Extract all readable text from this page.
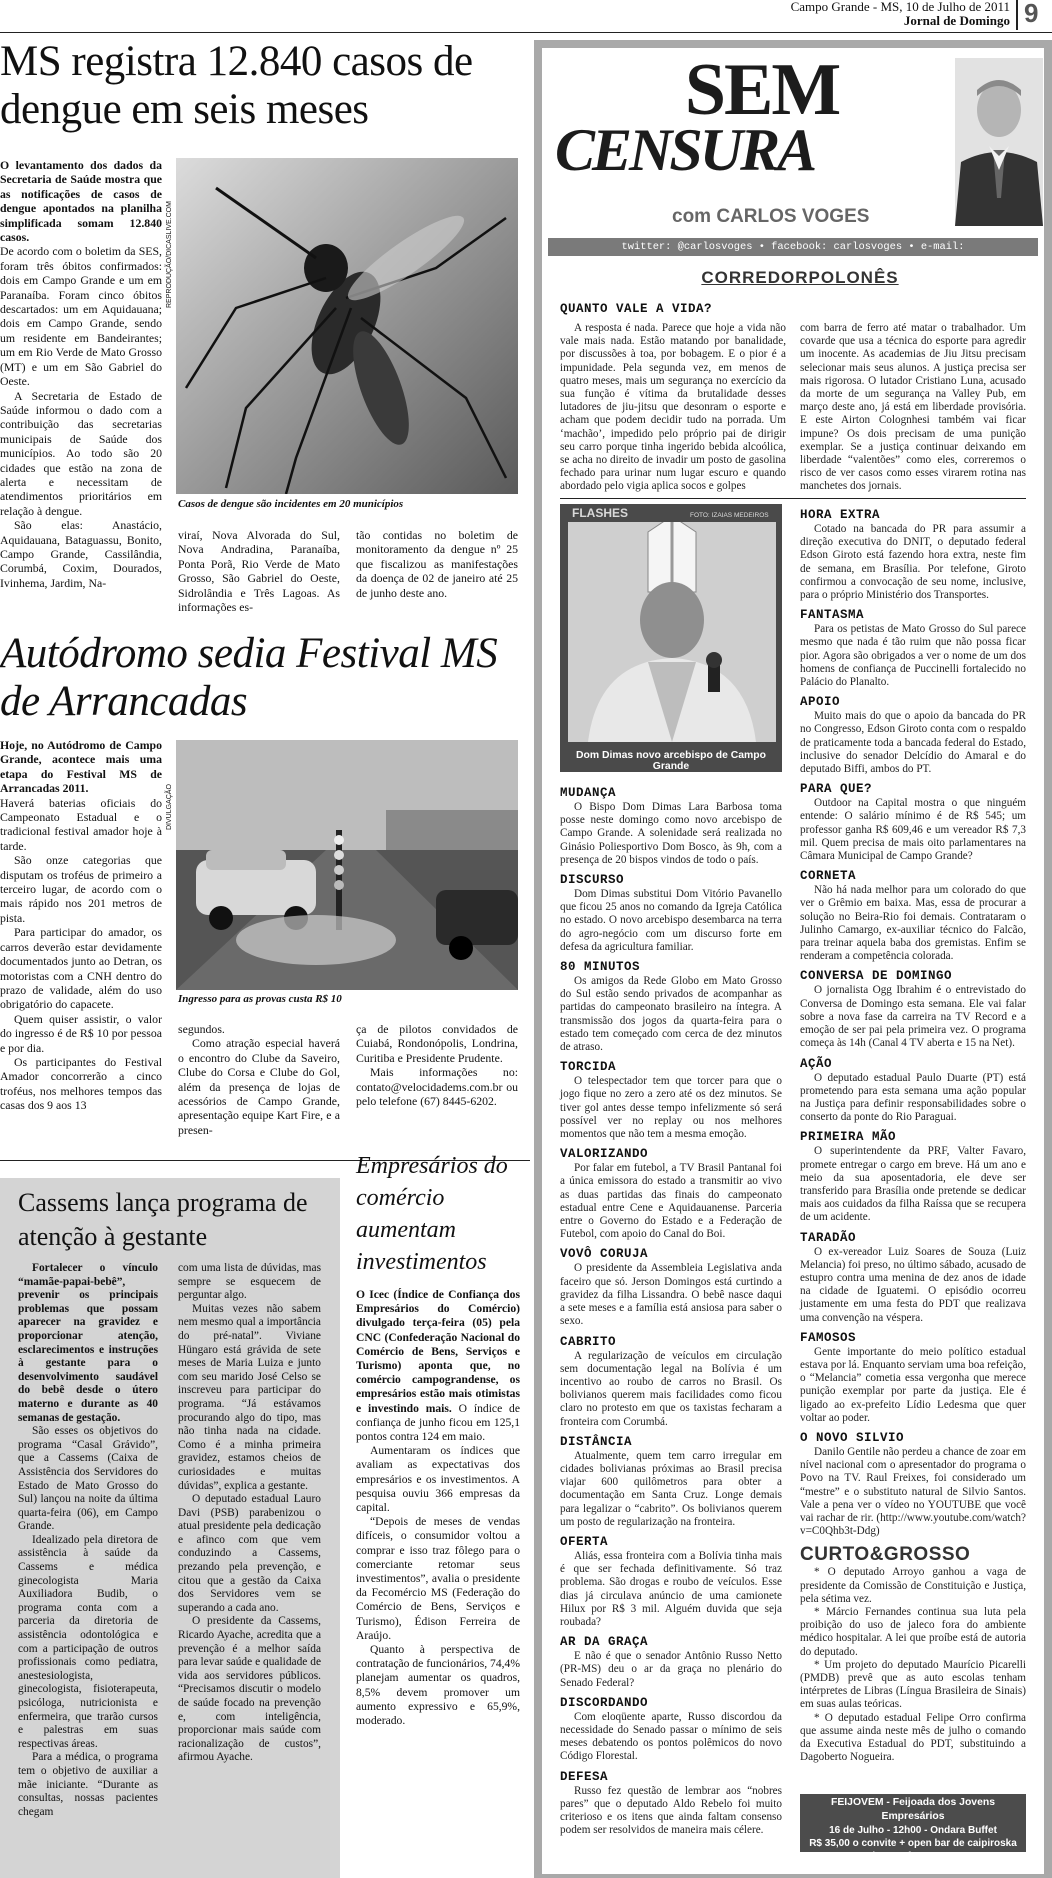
Campo Grande - MS, 10 de Julho de 2011
Jornal de Domingo 9
MS registra 12.840 casos de dengue em seis meses

O levantamento dos dados da Secretaria de Saúde mostra que as notificações de casos de dengue apontados na planilha simplificada somam 12.840 casos.

De acordo com o boletim da SES, foram três óbitos confirmados: dois em Campo Grande e um em Paranaíba. Foram cinco óbitos descartados: um em Aquidauana; dois em Campo Grande, sendo um residente em Bandeirantes; um em Rio Verde de Mato Grosso (MT) e um em São Gabriel do Oeste.

A Secretaria de Estado de Saúde informou o dado com a contribuição das secretarias municipais de Saúde dos municípios. Ao todo são 20 cidades que estão na zona de alerta e necessitam de atendimentos prioritários em relação à dengue.

São elas: Anastácio, Aquidauana, Bataguassu, Bonito, Campo Grande, Cassilândia, Corumbá, Coxim, Dourados, Ivinhema, Jardim, Na-

REPRODUÇÃO/DICASLIVE.COM
Casos de dengue são incidentes em 20 municípios

viraí, Nova Alvorada do Sul, Nova Andradina, Paranaíba, Ponta Porã, Rio Verde de Mato Grosso, São Gabriel do Oeste, Sidrolândia e Três Lagoas. As informações es-

tão contidas no boletim de monitoramento da dengue nº 25 que fiscalizou as manifestações da doença de 02 de janeiro até 25 de junho deste ano.

Autódromo sedia Festival MS de Arrancadas

Hoje, no Autódromo de Campo Grande, acontece mais uma etapa do Festival MS de Arrancadas 2011.

Haverá baterias oficiais do Campeonato Estadual e o tradicional festival amador hoje à tarde.

São onze categorias que disputam os troféus de primeiro a terceiro lugar, de acordo com o mais rápido nos 201 metros de pista.

Para participar do amador, os carros deverão estar devidamente documentados junto ao Detran, os motoristas com a CNH dentro do prazo de validade, além do uso obrigatório do capacete.

Quem quiser assistir, o valor do ingresso é de R$ 10 por pessoa e por dia.

Os participantes do Festival Amador concorrerão a cinco troféus, nos melhores tempos das casas dos 9 aos 13

DIVULGAÇÃO
Ingresso para as provas custa R$ 10

segundos.

Como atração especial haverá o encontro do Clube da Saveiro, Clube do Corsa e Clube do Gol, além da presença de lojas de acessórios de Campo Grande, apresentação equipe Kart Fire, e a presen-

ça de pilotos convidados de Cuiabá, Rondonópolis, Londrina, Curitiba e Presidente Prudente.

Mais informações no: contato@velocidadems.com.br ou pelo telefone (67) 8445-6202.

Cassems lança programa de atenção à gestante

Fortalecer o vínculo “mamãe-papai-bebê”, prevenir os principais problemas que possam aparecer na gravidez e proporcionar atenção, esclarecimentos e instruções à gestante para o desenvolvimento saudável do bebê desde o útero materno e durante as 40 semanas de gestação.

São esses os objetivos do programa “Casal Grávido”, que a Cassems (Caixa de Assistência dos Servidores do Estado de Mato Grosso do Sul) lançou na noite da última quarta-feira (06), em Campo Grande.

Idealizado pela diretora de assistência à saúde da Cassems e médica ginecologista Maria Auxiliadora Budib, o programa conta com a parceria da diretoria de assistência odontológica e com a participação de outros profissionais como pediatra, anestesiologista, ginecologista, fisioterapeuta, psicóloga, nutricionista e enfermeira, que trarão cursos e palestras em suas respectivas áreas.

Para a médica, o programa tem o objetivo de auxiliar a mãe iniciante. “Durante as consultas, nossas pacientes chegam

com uma lista de dúvidas, mas sempre se esquecem de perguntar algo.

Muitas vezes não sabem nem mesmo qual a importância do pré-natal”. Viviane Hüngaro está grávida de sete meses de Maria Luiza e junto com seu marido José Celso se inscreveu para participar do programa. “Já estávamos procurando algo do tipo, mas não tinha nada na cidade. Como é a minha primeira gravidez, estamos cheios de curiosidades e muitas dúvidas”, explica a gestante.

O deputado estadual Lauro Davi (PSB) parabenizou o atual presidente pela dedicação e afinco com que vem conduzindo a Cassems, prezando pela prevenção, e citou que a gestão da Caixa dos Servidores vem se superando a cada ano.

O presidente da Cassems, Ricardo Ayache, acredita que a prevenção é a melhor saída para levar saúde e qualidade de vida aos servidores públicos. “Precisamos discutir o modelo de saúde focado na prevenção e, com inteligência, proporcionar mais saúde com racionalização de custos”, afirmou Ayache.

Empresários do comércio aumentam investimentos

O Icec (Índice de Confiança dos Empresários do Comércio) divulgado terça-feira (05) pela CNC (Confederação Nacional do Comércio de Bens, Serviços e Turismo) aponta que, no comércio campograndense, os empresários estão mais otimistas e investindo mais. O índice de confiança de junho ficou em 125,1 pontos contra 124 em maio.

Aumentaram os índices que avaliam as expectativas dos empresários e os investimentos. A pesquisa ouviu 366 empresas da capital.

“Depois de meses de vendas difíceis, o consumidor voltou a comprar e isso traz fôlego para o comerciante retomar seus investimentos”, avalia o presidente da Fecomércio MS (Federação do Comércio de Bens, Serviços e Turismo), Édison Ferreira de Araújo.

Quanto à perspectiva de contratação de funcionários, 74,4% planejam aumentar os quadros, 8,5% devem promover um aumento expressivo e 65,9%, moderado.

SEM
CENSURA
com CARLOS VOGES
twitter: @carlosvoges • facebook: carlosvoges • e-mail: contato@carlosvoges.com.br
CORREDORPOLONÊS
QUANTO VALE A VIDA?

A resposta é nada. Parece que hoje a vida não vale mais nada. Estão matando por banalidade, por discussões à toa, por bobagem. E o pior é a impunidade. Pela segunda vez, em menos de quatro meses, mais um segurança no exercício da sua função é vítima da brutalidade desses lutadores de jiu-jitsu que desonram o esporte e acham que podem decidir tudo na porrada. Um ‘machão’, impedido pelo próprio pai de dirigir seu carro porque tinha ingerido bebida alcoólica, se acha no direito de invadir um posto de gasolina fechado para urinar num lugar escuro e quando abordado pelo vigia aplica socos e golpes

com barra de ferro até matar o trabalhador. Um covarde que usa a técnica do esporte para agredir um inocente. As academias de Jiu Jitsu precisam selecionar mais seus alunos. A justiça precisa ser mais rigorosa. O lutador Cristiano Luna, acusado da morte de um segurança na Valley Pub, em março deste ano, já está em liberdade provisória. E este Airton Colognhesi também vai ficar impune? Os dois precisam de uma punição exemplar. Se a justiça continuar deixando em liberdade “valentões” como eles, correremos o risco de ver casos como esses virarem rotina nas manchetes dos jornais.

FLASHES	FOTO: IZAIAS MEDEIROS
Dom Dimas novo arcebispo de Campo Grande
MUDANÇA

O Bispo Dom Dimas Lara Barbosa toma posse neste domingo como novo arcebispo de Campo Grande. A solenidade será realizada no Ginásio Poliesportivo Dom Bosco, às 9h, com a presença de 20 bispos vindos de todo o país.

DISCURSO

Dom Dimas substitui Dom Vitório Pavanello que ficou 25 anos no comando da Igreja Católica no estado. O novo arcebispo desembarca na terra do agro-negócio com um discurso forte em defesa da agricultura familiar.

80 MINUTOS

Os amigos da Rede Globo em Mato Grosso do Sul estão sendo privados de acompanhar as partidas do campeonato brasileiro na íntegra. A transmissão dos jogos da quarta-feira para o estado tem começado com cerca de dez minutos de atraso.

TORCIDA

O telespectador tem que torcer para que o jogo fique no zero a zero até os dez minutos. Se tiver gol antes desse tempo infelizmente só será possível ver no replay ou nos melhores momentos que não tem a mesma emoção.

VALORIZANDO

Por falar em futebol, a TV Brasil Pantanal foi a única emissora do estado a transmitir ao vivo as duas partidas das finais do campeonato estadual entre Cene e Aquidauanense. Parceria entre o Governo do Estado e a Federação de Futebol, com apoio do Canal do Boi.

VOVÔ CORUJA

O presidente da Assembleia Legislativa anda faceiro que só. Jerson Domingos está curtindo a gravidez da filha Lissandra. O bebê nasce daqui a sete meses e a família está ansiosa para saber o sexo.

CABRITO

A regularização de veículos em circulação sem documentação legal na Bolívia é um incentivo ao roubo de carros no Brasil. Os bolivianos querem mais facilidades como ficou claro no protesto em que os taxistas fecharam a fronteira com Corumbá.

DISTÂNCIA

Atualmente, quem tem carro irregular em cidades bolivianas próximas ao Brasil precisa viajar 600 quilômetros para obter a documentação em Santa Cruz. Longe demais para legalizar o “cabrito”. Os bolivianos querem um posto de regularização na fronteira.

OFERTA

Aliás, essa fronteira com a Bolívia tinha mais é que ser fechada definitivamente. Só traz problema. São drogas e roubo de veículos. Esse dias já circulava anúncio de uma camionete Hilux por R$ 3 mil. Alguém duvida que seja roubada?

AR DA GRAÇA

E não é que o senador Antônio Russo Netto (PR-MS) deu o ar da graça no plenário do Senado Federal?

DISCORDANDO

Com eloqüente aparte, Russo discordou da necessidade do Senado passar o mínimo de seis meses debatendo os pontos polêmicos do novo Código Florestal.

DEFESA

Russo fez questão de lembrar aos “nobres pares” que o deputado Aldo Rebelo foi muito criterioso e os itens que ainda faltam consenso podem ser resolvidos de maneira mais célere.

HORA EXTRA

Cotado na bancada do PR para assumir a direção executiva do DNIT, o deputado federal Edson Giroto está fazendo hora extra, neste fim de semana, em Brasília. Por telefone, Giroto confirmou a convocação de seu nome, inclusive, para o próprio Ministério dos Transportes.

FANTASMA

Para os petistas de Mato Grosso do Sul parece mesmo que nada é tão ruim que não possa ficar pior. Agora são obrigados a ver o nome de um dos homens de confiança de Puccinelli fortalecido no Palácio do Planalto.

APOIO

Muito mais do que o apoio da bancada do PR no Congresso, Edson Giroto conta com o respaldo de praticamente toda a bancada federal do Estado, inclusive do senador Delcídio do Amaral e do deputado Biffi, ambos do PT.

PARA QUE?

Outdoor na Capital mostra o que ninguém entende: O salário mínimo é de R$ 545; um professor ganha R$ 609,46 e um vereador R$ 7,3 mil. Quem precisa de mais oito parlamentares na Câmara Municipal de Campo Grande?

CORNETA

Não há nada melhor para um colorado do que ver o Grêmio em baixa. Mas, essa de procurar a solução no Beira-Rio foi demais. Contrataram o Julinho Camargo, ex-auxiliar técnico do Falcão, para treinar aquela baba dos gremistas. Enfim se renderam a competência colorada.

CONVERSA DE DOMINGO

O jornalista Ogg Ibrahim é o entrevistado do Conversa de Domingo esta semana. Ele vai falar sobre a nova fase da carreira na TV Record e a emoção de ser pai pela primeira vez. O programa começa às 14h (Canal 4 TV aberta e 15 na Net).

AÇÃO

O deputado estadual Paulo Duarte (PT) está prometendo para esta semana uma ação popular na Justiça para definir responsabilidades sobre o conserto da ponte do Rio Paraguai.

PRIMEIRA MÃO

O superintendente da PRF, Valter Favaro, promete entregar o cargo em breve. Há um ano e meio da sua aposentadoria, ele deve ser transferido para Brasília onde pretende se dedicar mais aos cuidados da filha Raíssa que se recupera de um acidente.

TARADÃO

O ex-vereador Luiz Soares de Souza (Luiz Melancia) foi preso, no último sábado, acusado de estupro contra uma menina de dez anos de idade na cidade de Iguatemi. O episódio ocorreu justamente em uma festa do PDT que realizava uma convenção na véspera.

FAMOSOS

Gente importante do meio político estadual estava por lá. Enquanto serviam uma boa refeição, o “Melancia” cometia essa vergonha que merece punição exemplar por parte da justiça. Ele é ligado ao ex-prefeito Lídio Ledesma que quer voltar ao poder.

O NOVO SILVIO

Danilo Gentile não perdeu a chance de zoar em nível nacional com o apresentador do programa o Povo na TV. Raul Freixes, foi considerado um “mestre” e o substituto natural de Silvio Santos. Vale a pena ver o vídeo no YOUTUBE que você vai rachar de rir. (http://www.youtube.com/watch?v=C0Qhb3t-Ddg)

CURTO&GROSSO

* O deputado Arroyo ganhou a vaga de presidente da Comissão de Constituição e Justiça, pela sétima vez.

* Márcio Fernandes continua sua luta pela proibição do uso de jaleco fora do ambiente médico hospitalar. A lei que proíbe está de autoria do deputado.

* Um projeto do deputado Maurício Picarelli (PMDB) prevê que as auto escolas tenham intérpretes de Libras (Língua Brasileira de Sinais) em suas aulas teóricas.

* O deputado estadual Felipe Orro confirma que assume ainda neste mês de julho o comando da Executiva Estadual do PDT, substituindo a Dagoberto Nogueira.

FEIJOVEM - Feijoada dos Jovens Empresários
16 de Julho - 12h00 - Ondara Buffet
R$ 35,00 o convite + open bar de caipiroska
Convites no fone 9645 2787
